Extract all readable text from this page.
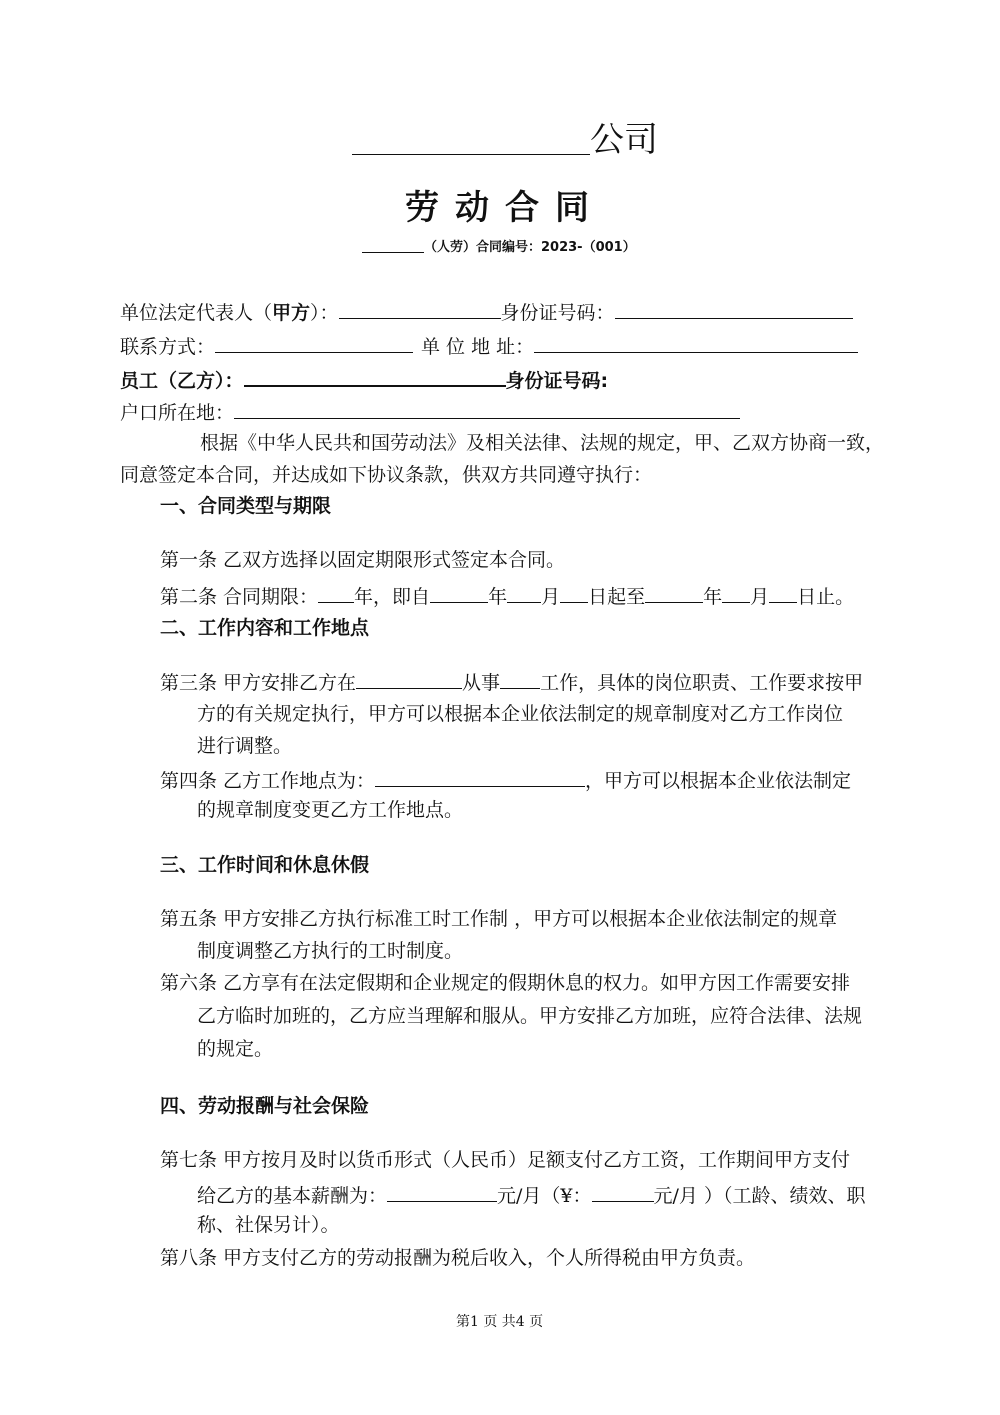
公司
劳动合同
（人劳）合同编号：2023-（001）
单位法定代表人（甲方）：	身份证号码：
联系方式：	单 位 地 址：
员工（乙方）：	身份证号码:
户口所在地：
根据《中华人民共和国劳动法》及相关法律、法规的规定，甲、乙双方协商一致，
同意签定本合同，并达成如下协议条款，供双方共同遵守执行：
一、合同类型与期限
第一条 乙双方选择以固定期限形式签定本合同。
第二条 合同期限： 年，即自	年 月 日起至	年 月 日止。
二、工作内容和工作地点
第三条 甲方安排乙方在	从事 工作，具体的岗位职责、工作要求按甲
方的有关规定执行，甲方可以根据本企业依法制定的规章制度对乙方工作岗位
进行调整。
第四条 乙方工作地点为：	，甲方可以根据本企业依法制定
的规章制度变更乙方工作地点。
三、工作时间和休息休假
第五条 甲方安排乙方执行标准工时工作制 ，甲方可以根据本企业依法制定的规章
制度调整乙方执行的工时制度。
第六条 乙方享有在法定假期和企业规定的假期休息的权力。如甲方因工作需要安排
乙方临时加班的，乙方应当理解和服从。甲方安排乙方加班，应符合法律、法规
的规定。
四、劳动报酬与社会保险
第七条 甲方按月及时以货币形式（人民币）足额支付乙方工资，工作期间甲方支付
给乙方的基本薪酬为：	元/月（¥：	元/月 ）（工龄、绩效、职
称、社保另计）。
第八条 甲方支付乙方的劳动报酬为税后收入，个人所得税由甲方负责。
第1 页 共4 页
